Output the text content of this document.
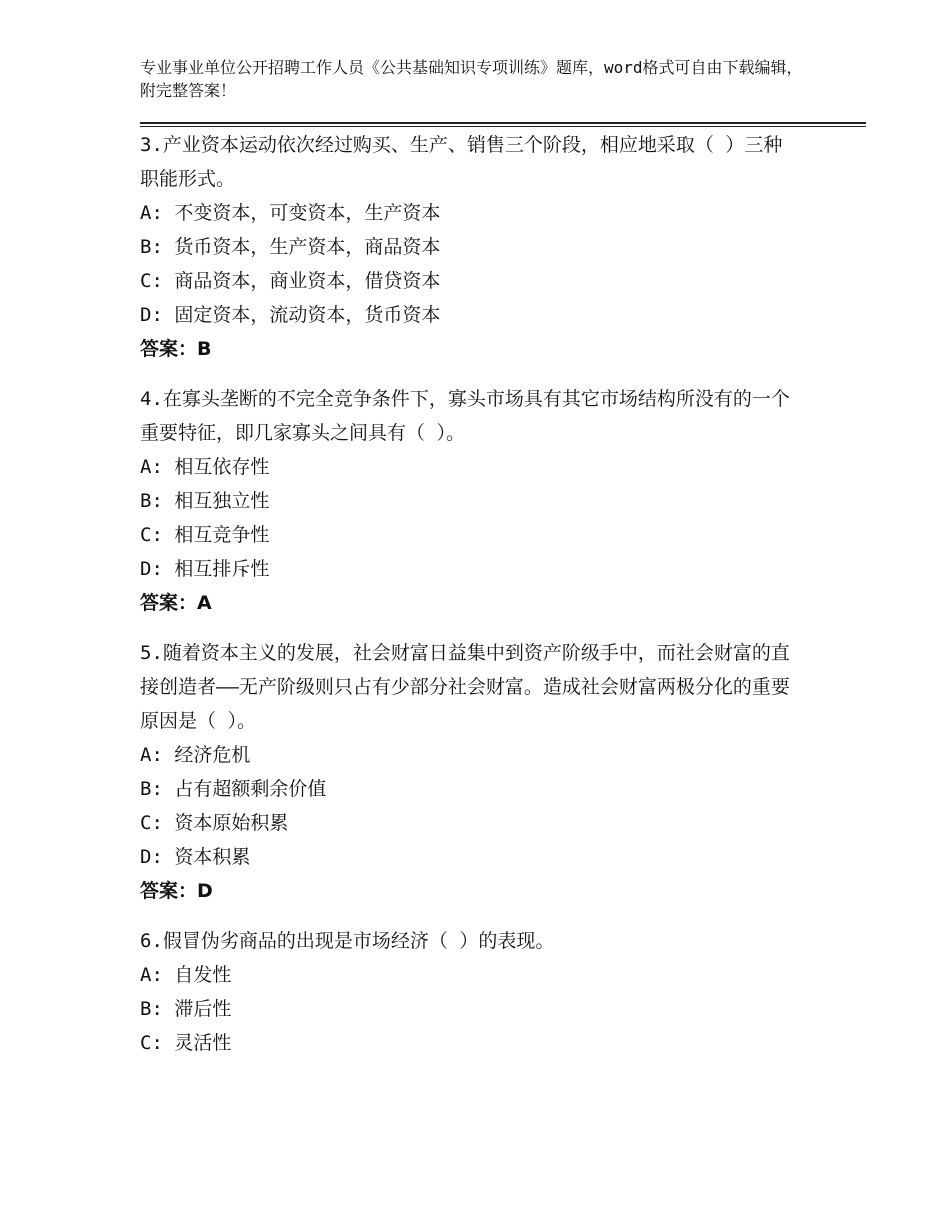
专业事业单位公开招聘工作人员《公共基础知识专项训练》题库，word格式可自由下载编辑，附完整答案！

3.产业资本运动依次经过购买、生产、销售三个阶段，相应地采取（ ）三种职能形式。

A: 不变资本，可变资本，生产资本

B: 货币资本，生产资本，商品资本

C: 商品资本，商业资本，借贷资本

D: 固定资本，流动资本，货币资本

答案：B

4.在寡头垄断的不完全竞争条件下，寡头市场具有其它市场结构所没有的一个重要特征，即几家寡头之间具有（ ）。

A: 相互依存性

B: 相互独立性

C: 相互竞争性

D: 相互排斥性

答案：A

5.随着资本主义的发展，社会财富日益集中到资产阶级手中，而社会财富的直接创造者——无产阶级则只占有少部分社会财富。造成社会财富两极分化的重要原因是（ ）。

A: 经济危机

B: 占有超额剩余价值

C: 资本原始积累

D: 资本积累

答案：D

6.假冒伪劣商品的出现是市场经济（ ）的表现。

A: 自发性

B: 滞后性

C: 灵活性
